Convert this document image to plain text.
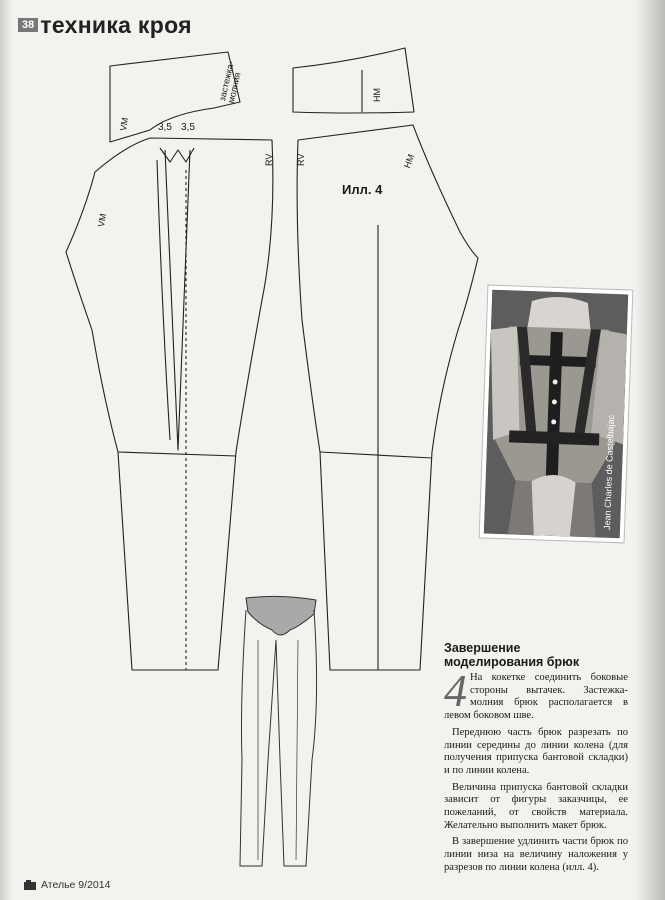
38 техника кроя
Илл. 4
3,5 3,5
VM
застежка-молния	HM
VM
RV RV	HM
Jean Charles de Castelbajac
Завершение
моделирования брюк
4 На кокетке соединить боковые стороны вытачек. Застежка-молния брюк располагается в левом боковом шве.

Переднюю часть брюк разрезать по линии середины до линии колена (для получения припуска бантовой складки) и по линии колена.

Величина припуска бантовой складки зависит от фигуры заказчицы, ее пожеланий, от свойств материала. Желательно выполнить макет брюк.

В завершение удлинить части брюк по линии низа на величину наложения у разрезов по линии колена (илл. 4).

Ателье 9/2014
